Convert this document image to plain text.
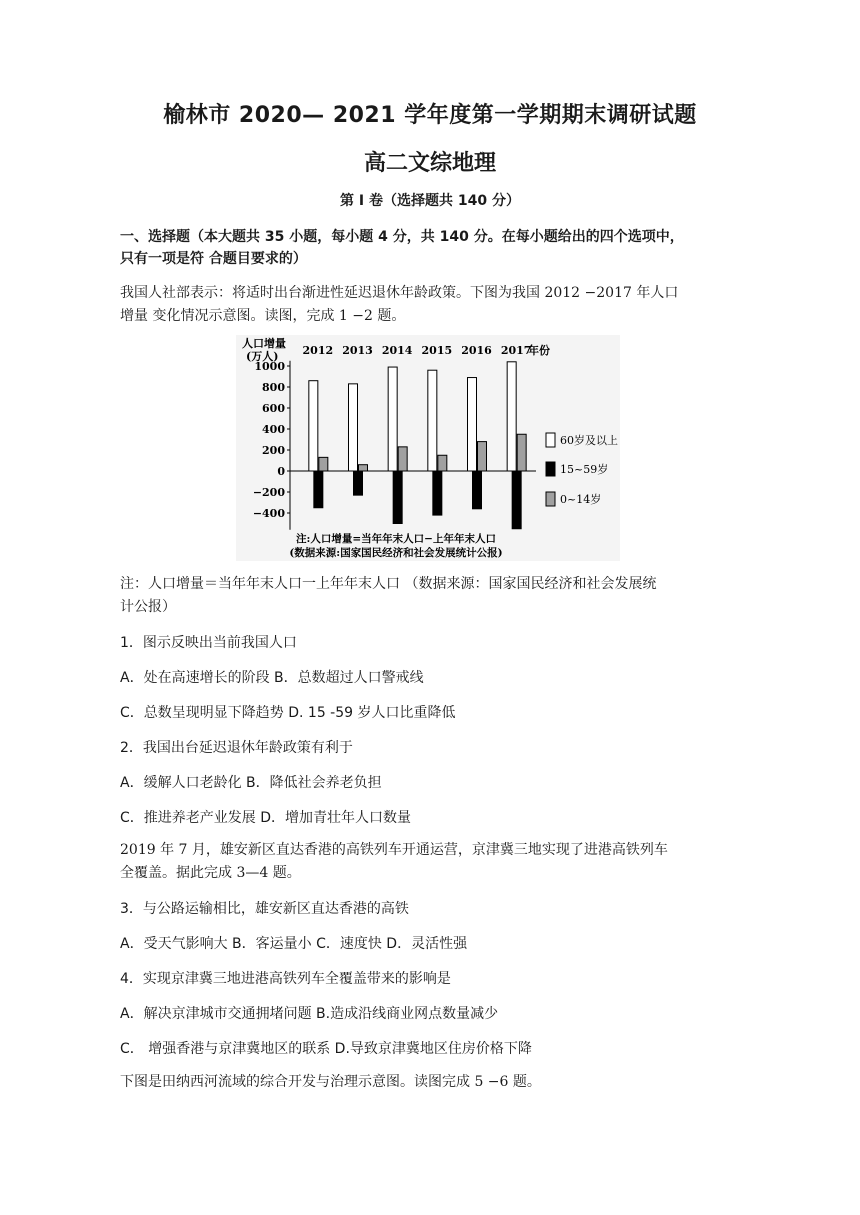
榆林市 2020— 2021 学年度第一学期期末调研试题
高二文综地理
第 I 卷（选择题共 140 分）
一、选择题（本大题共 35 小题，每小题 4 分，共 140 分。在每小题给出的四个选项中，
只有一项是符 合题目要求的）
我国人社部表示：将适时出台渐进性延迟退休年龄政策。下图为我国 2012 −2017 年人口
增量 变化情况示意图。读图，完成 1 −2 题。
人口增量
(万人)
1000
800
600
400
200
0
−200
−400
2012 2013 2014 2015 2016 2017
年份
60岁及以上
15~59岁
0~14岁
注:人口增量=当年年末人口−上年年末人口
(数据来源:国家国民经济和社会发展统计公报)
注：人口增量＝当年年末人口一上年年末人口 （数据来源：国家国民经济和社会发展统
计公报）
1．图示反映出当前我国人口
A．处在高速增长的阶段 B．总数超过人口警戒线
C．总数呈现明显下降趋势 D. 15 -59 岁人口比重降低
2．我国出台延迟退休年龄政策有利于
A．缓解人口老龄化 B．降低社会养老负担
C．推进养老产业发展 D．增加青壮年人口数量
2019 年 7 月，雄安新区直达香港的高铁列车开通运营，京津冀三地实现了进港高铁列车
全覆盖。据此完成 3—4 题。
3．与公路运输相比，雄安新区直达香港的高铁
A．受天气影响大 B．客运量小 C．速度快 D．灵活性强
4．实现京津冀三地进港高铁列车全覆盖带来的影响是
A．解决京津城市交通拥堵问题 B.造成沿线商业网点数量减少
C． 增强香港与京津冀地区的联系 D.导致京津冀地区住房价格下降
下图是田纳西河流域的综合开发与治理示意图。读图完成 5 −6 题。
